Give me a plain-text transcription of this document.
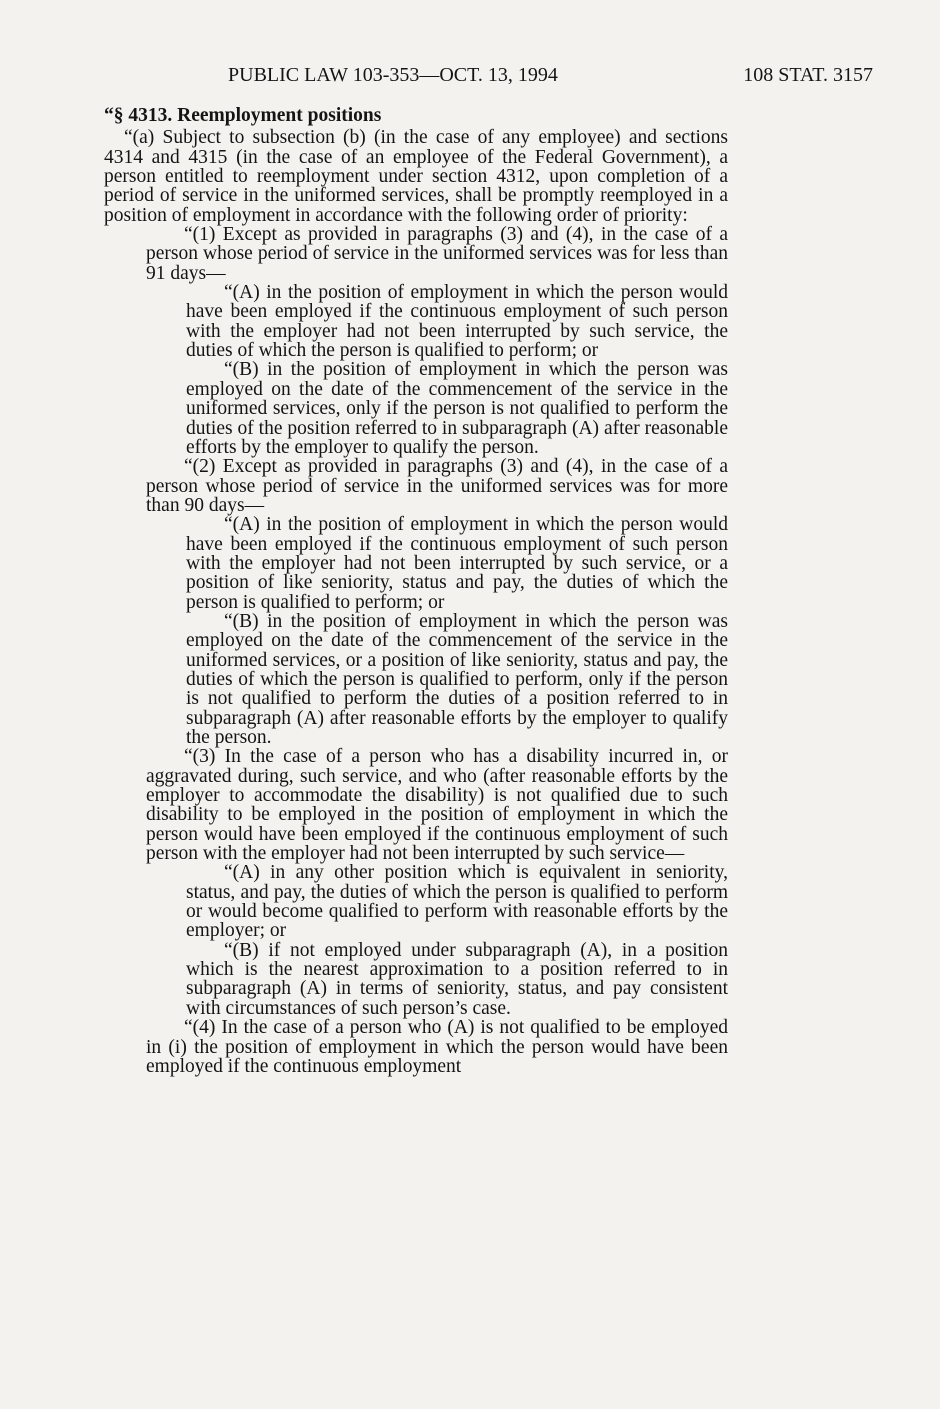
PUBLIC LAW 103-353—OCT. 13, 1994	108 STAT. 3157

“§ 4313. Reemployment positions

“(a) Subject to subsection (b) (in the case of any employee) and sections 4314 and 4315 (in the case of an employee of the Federal Government), a person entitled to reemployment under section 4312, upon completion of a period of service in the uniformed services, shall be promptly reemployed in a position of employment in accordance with the following order of priority:

“(1) Except as provided in paragraphs (3) and (4), in the case of a person whose period of service in the uniformed services was for less than 91 days—

“(A) in the position of employment in which the person would have been employed if the continuous employment of such person with the employer had not been interrupted by such service, the duties of which the person is qualified to perform; or

“(B) in the position of employment in which the person was employed on the date of the commencement of the service in the uniformed services, only if the person is not qualified to perform the duties of the position referred to in subparagraph (A) after reasonable efforts by the employer to qualify the person.

“(2) Except as provided in paragraphs (3) and (4), in the case of a person whose period of service in the uniformed services was for more than 90 days—

“(A) in the position of employment in which the person would have been employed if the continuous employment of such person with the employer had not been interrupted by such service, or a position of like seniority, status and pay, the duties of which the person is qualified to perform; or

“(B) in the position of employment in which the person was employed on the date of the commencement of the service in the uniformed services, or a position of like seniority, status and pay, the duties of which the person is qualified to perform, only if the person is not qualified to perform the duties of a position referred to in subparagraph (A) after reasonable efforts by the employer to qualify the person.

“(3) In the case of a person who has a disability incurred in, or aggravated during, such service, and who (after reasonable efforts by the employer to accommodate the disability) is not qualified due to such disability to be employed in the position of employment in which the person would have been employed if the continuous employment of such person with the employer had not been interrupted by such service—

“(A) in any other position which is equivalent in seniority, status, and pay, the duties of which the person is qualified to perform or would become qualified to perform with reasonable efforts by the employer; or

“(B) if not employed under subparagraph (A), in a position which is the nearest approximation to a position referred to in subparagraph (A) in terms of seniority, status, and pay consistent with circumstances of such person’s case.

“(4) In the case of a person who (A) is not qualified to be employed in (i) the position of employment in which the person would have been employed if the continuous employment
